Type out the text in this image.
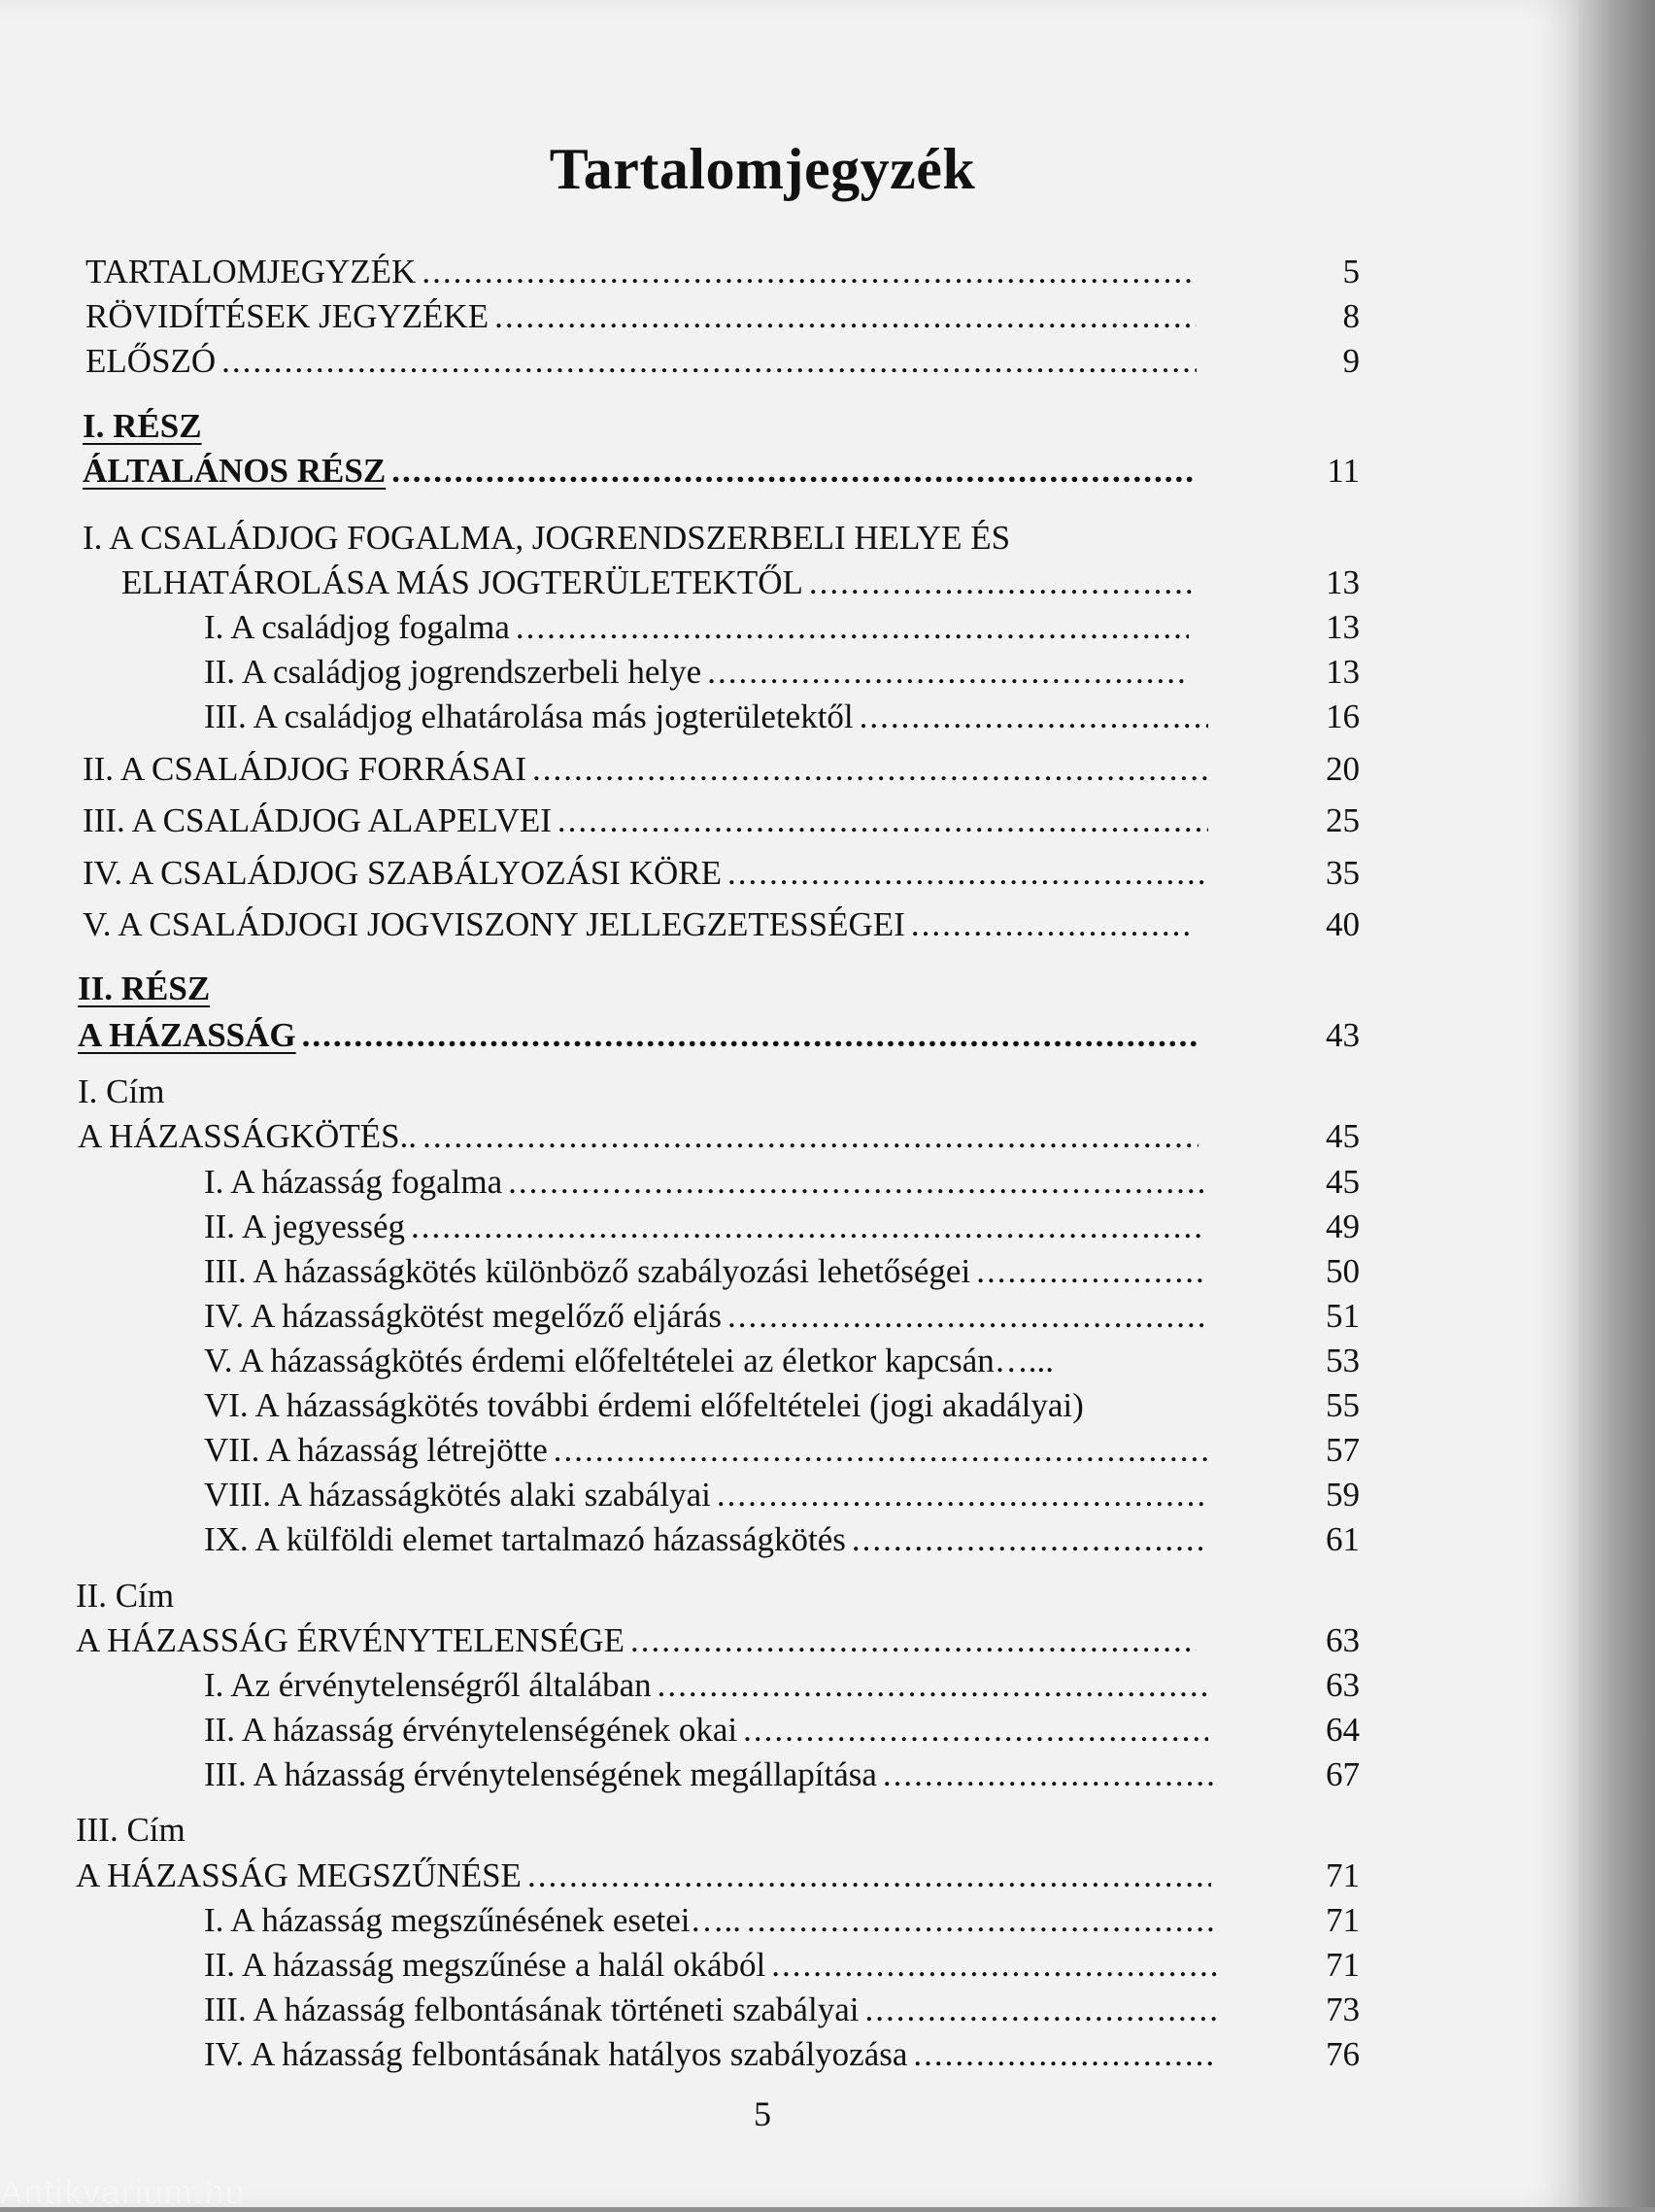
Tartalomjegyzék
TARTALOMJEGYZÉK .....	5
RÖVIDÍTÉSEK JEGYZÉKE .....	8
ELŐSZÓ .....	9
I. RÉSZ
ÁLTALÁNOS RÉSZ .....	11
I. A CSALÁDJOG FOGALMA, JOGRENDSZERBELI HELYE ÉS
ELHATÁROLÁSA MÁS JOGTERÜLETEKTŐL .....	13
I. A családjog fogalma .....	13
II. A családjog jogrendszerbeli helye .....	13
III. A családjog elhatárolása más jogterületektől .....	16
II. A CSALÁDJOG FORRÁSAI .....	20
III. A CSALÁDJOG ALAPELVEI .....	25
IV. A CSALÁDJOG SZABÁLYOZÁSI KÖRE .....	35
V. A CSALÁDJOGI JOGVISZONY JELLEGZETESSÉGEI .....	40
II. RÉSZ
A HÁZASSÁG .....	43
I. Cím
A HÁZASSÁGKÖTÉS.. .....	45
I. A házasság fogalma .....	45
II. A jegyesség .....	49
III. A házasságkötés különböző szabályozási lehetőségei .....	50
IV. A házasságkötést megelőző eljárás .....	51
V. A házasságkötés érdemi előfeltételei az életkor kapcsán…...	53
VI. A házasságkötés további érdemi előfeltételei (jogi akadályai)	55
VII. A házasság létrejötte .....	57
VIII. A házasságkötés alaki szabályai .....	59
IX. A külföldi elemet tartalmazó házasságkötés .....	61
II. Cím
A HÁZASSÁG ÉRVÉNYTELENSÉGE .....	63
I. Az érvénytelenségről általában .....	63
II. A házasság érvénytelenségének okai .....	64
III. A házasság érvénytelenségének megállapítása .....	67
III. Cím
A HÁZASSÁG MEGSZŰNÉSE .....	71
I. A házasság megszűnésének esetei….. .....	71
II. A házasság megszűnése a halál okából .....	71
III. A házasság felbontásának történeti szabályai .....	73
IV. A házasság felbontásának hatályos szabályozása .....	76
5
Antikvarium.hu
